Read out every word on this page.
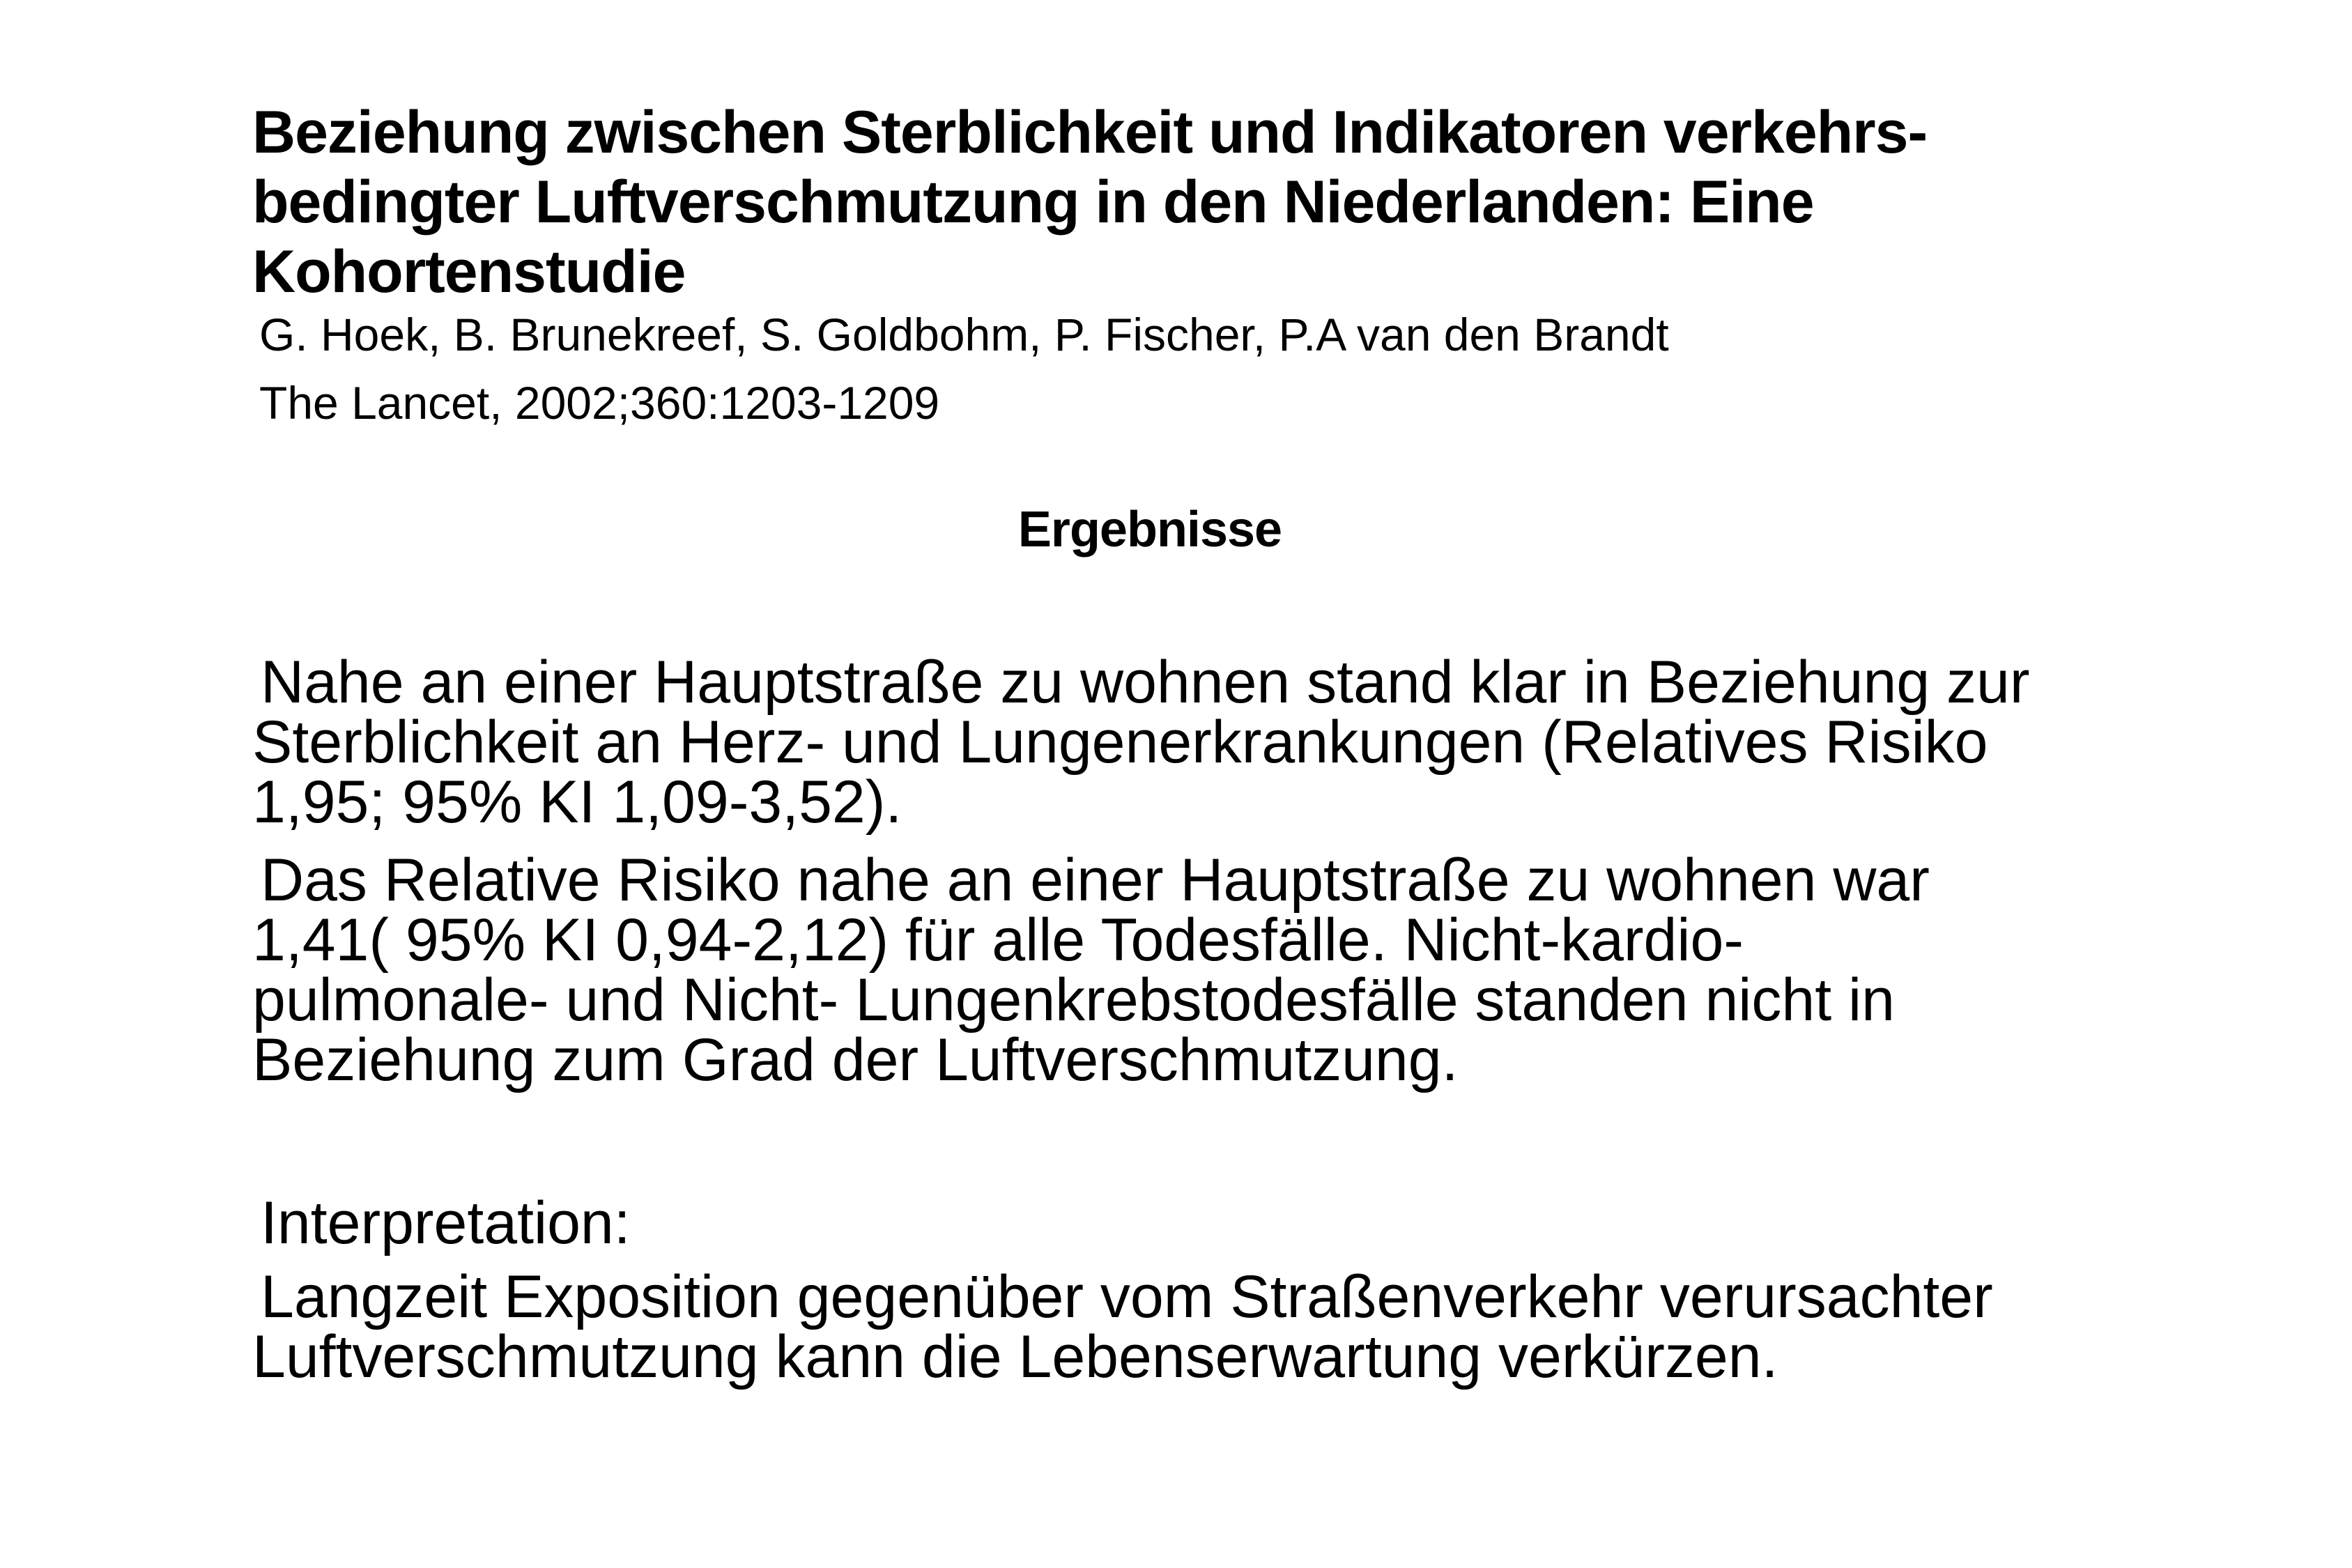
Beziehung zwischen Sterblichkeit und Indikatoren verkehrs-
bedingter Luftverschmutzung in den Niederlanden: Eine
Kohortenstudie
G. Hoek, B. Brunekreef, S. Goldbohm, P. Fischer, P.A van den Brandt
The Lancet, 2002;360:1203-1209
Ergebnisse
Nahe an einer Hauptstraße zu wohnen stand klar in Beziehung zur
Sterblichkeit an Herz- und Lungenerkrankungen (Relatives Risiko
1,95; 95% KI 1,09-3,52).
Das Relative Risiko nahe an einer Hauptstraße zu wohnen war
1,41( 95% KI 0,94-2,12) für alle Todesfälle. Nicht-kardio-
pulmonale- und Nicht- Lungenkrebstodesfälle standen nicht in
Beziehung zum Grad der Luftverschmutzung.
Interpretation:
Langzeit Exposition gegenüber vom Straßenverkehr verursachter
Luftverschmutzung kann die Lebenserwartung verkürzen.
